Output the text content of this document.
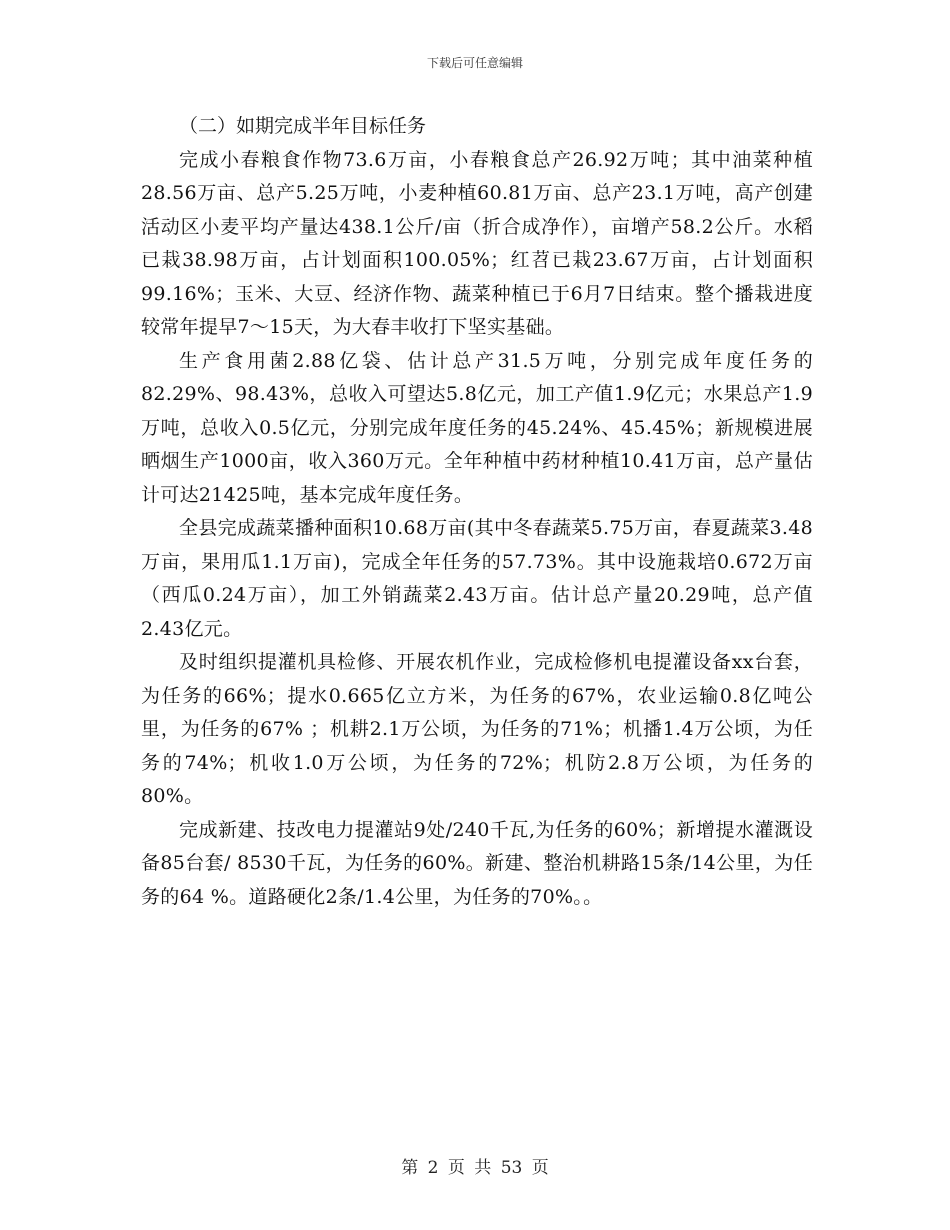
下载后可任意编辑

（二）如期完成半年目标任务

完成小春粮食作物73.6万亩，小春粮食总产26.92万吨；其中油菜种植28.56万亩、总产5.25万吨，小麦种植60.81万亩、总产23.1万吨，高产创建活动区小麦平均产量达438.1公斤/亩（折合成净作），亩增产58.2公斤。水稻已栽38.98万亩，占计划面积100.05%；红苕已栽23.67万亩，占计划面积99.16%；玉米、大豆、经济作物、蔬菜种植已于6月7日结束。整个播栽进度较常年提早7～15天，为大春丰收打下坚实基础。

生产食用菌2.88亿袋、估计总产31.5万吨，分别完成年度任务的82.29%、98.43%，总收入可望达5.8亿元，加工产值1.9亿元；水果总产1.9万吨，总收入0.5亿元，分别完成年度任务的45.24%、45.45%；新规模进展晒烟生产1000亩，收入360万元。全年种植中药材种植10.41万亩，总产量估计可达21425吨，基本完成年度任务。

全县完成蔬菜播种面积10.68万亩(其中冬春蔬菜5.75万亩，春夏蔬菜3.48万亩，果用瓜1.1万亩)，完成全年任务的57.73%。其中设施栽培0.672万亩（西瓜0.24万亩），加工外销蔬菜2.43万亩。估计总产量20.29吨，总产值2.43亿元。

及时组织提灌机具检修、开展农机作业，完成检修机电提灌设备xx台套，为任务的66%；提水0.665亿立方米，为任务的67%，农业运输0.8亿吨公里，为任务的67% ；机耕2.1万公顷，为任务的71%；机播1.4万公顷，为任务的74%；机收1.0万公顷，为任务的72%；机防2.8万公顷，为任务的80%。

完成新建、技改电力提灌站9处/240千瓦,为任务的60%；新增提水灌溉设备85台套/ 8530千瓦，为任务的60%。新建、整治机耕路15条/14公里，为任务的64 %。道路硬化2条/1.4公里，为任务的70%。。

第 2 页 共 53 页
